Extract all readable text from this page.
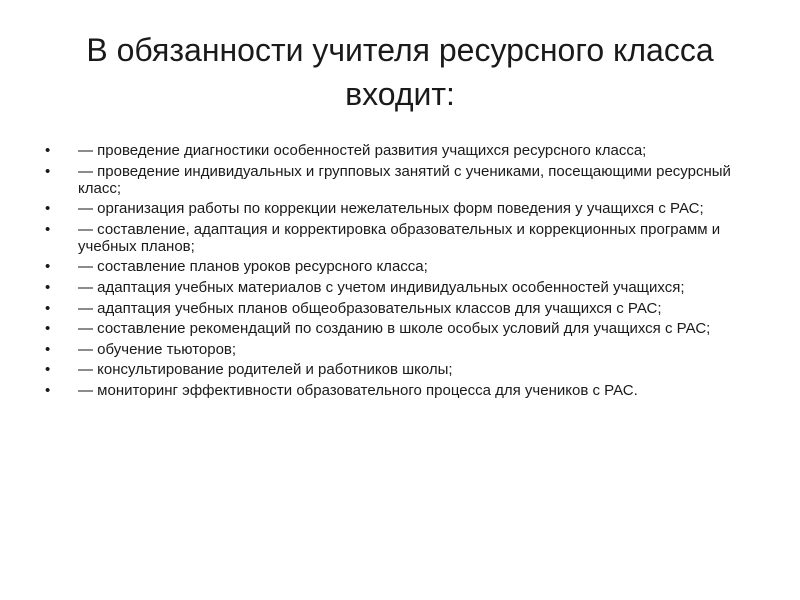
В обязанности учителя ресурсного класса входит:
• — проведение диагностики особенностей развития учащихся ресурсного класса;
• — проведение индивидуальных и групповых занятий с учениками, посещающими ресурсный класс;
• — организация работы по коррекции нежелательных форм поведения у учащихся с РАС;
• — составление, адаптация и корректировка образовательных и коррекционных программ и учебных планов;
• — составление планов уроков ресурсного класса;
• — адаптация учебных материалов с учетом индивидуальных особенностей учащихся;
• — адаптация учебных планов общеобразовательных классов для учащихся с РАС;
• — составление рекомендаций по созданию в школе особых условий для учащихся с РАС;
• — обучение тьюторов;
• — консультирование родителей и работников школы;
• — мониторинг эффективности образовательного процесса для учеников с РАС.
